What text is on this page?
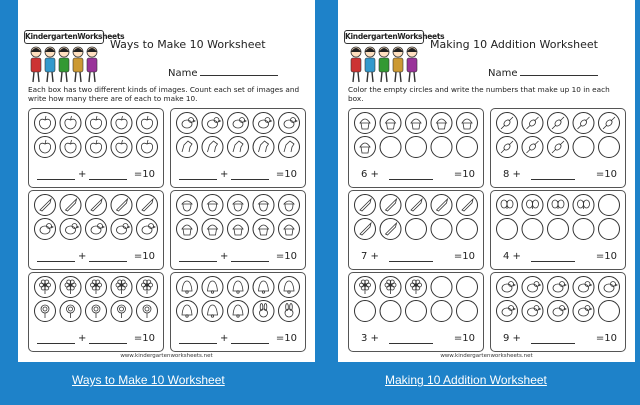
KindergartenWorksheets
Ways to Make 10 Worksheet
Name
Each box has two different kinds of images. Count each set of images and write how many there are of each to make 10.
+	=10	+	=10
+	=10	+	=10
+	=10	+	=10
www.kindergartenworksheets.net
KindergartenWorksheets
Making 10 Addition Worksheet
Name
Color the empty circles and write the numbers that make up 10 in each box.
6 +	=10	8 +	=10
7 +	=10	4 +	=10
3 +	=10	9 +	=10
www.kindergartenworksheets.net
Ways to Make 10 Worksheet	Making 10 Addition Worksheet
